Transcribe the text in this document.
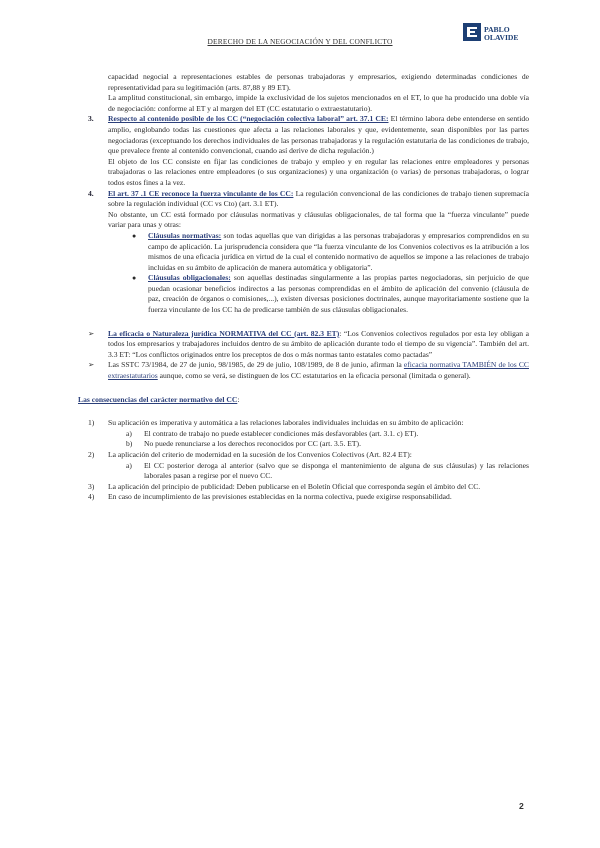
DERECHO DE LA NEGOCIACIÓN Y DEL CONFLICTO
PABLO
OLAVIDE

capacidad negocial a representaciones estables de personas trabajadoras y empresarios, exigiendo determinadas condiciones de representatividad para su legitimación (arts. 87,88 y 89 ET).

La amplitud constitucional, sin embargo, impide la exclusividad de los sujetos mencionados en el ET, lo que ha producido una doble vía de negociación: conforme al ET y al margen del ET (CC estatutario o extraestatutario).

3. Respecto al contenido posible de los CC (“negociación colectiva laboral” art. 37.1 CE: El término labora debe entenderse en sentido amplio, englobando todas las cuestiones que afecta a las relaciones laborales y que, evidentemente, sean disponibles por las partes negociadoras (exceptuando los derechos individuales de las personas trabajadoras y la regulación estatutaria de las condiciones de trabajo, que prevalece frente al contenido convencional, cuando así derive de dicha regulación.)

El objeto de los CC consiste en fijar las condiciones de trabajo y empleo y en regular las relaciones entre empleadores y personas trabajadoras o las relaciones entre empleadores (o sus organizaciones) y una organización (o varias) de personas trabajadoras, o lograr todos estos fines a la vez.

4. El art. 37 .1 CE reconoce la fuerza vinculante de los CC: La regulación convencional de las condiciones de trabajo tienen supremacía sobre la regulación individual (CC vs Cto) (art. 3.1 ET).

No obstante, un CC está formado por cláusulas normativas y cláusulas obligacionales, de tal forma que la “fuerza vinculante” puede variar para unas y otras:

● Cláusulas normativas: son todas aquellas que van dirigidas a las personas trabajadoras y empresarios comprendidos en su campo de aplicación. La jurisprudencia considera que “la fuerza vinculante de los Convenios colectivos es la atribución a los mismos de una eficacia jurídica en virtud de la cual el contenido normativo de aquellos se impone a las relaciones de trabajo incluidas en su ámbito de aplicación de manera automática y obligatoria”.

● Cláusulas obligacionales: son aquellas destinadas singularmente a las propias partes negociadoras, sin perjuicio de que puedan ocasionar beneficios indirectos a las personas comprendidas en el ámbito de aplicación del convenio (cláusula de paz, creación de órganos o comisiones,...), existen diversas posiciones doctrinales, aunque mayoritariamente sostiene que la fuerza vinculante de los CC ha de predicarse también de sus cláusulas obligacionales.

➢ La eficacia o Naturaleza jurídica NORMATIVA del CC (art. 82.3 ET): “Los Convenios colectivos regulados por esta ley obligan a todos los empresarios y trabajadores incluidos dentro de su ámbito de aplicación durante todo el tiempo de su vigencia”. También del art. 3.3 ET: “Los conflictos originados entre los preceptos de dos o más normas tanto estatales como pactadas”

➢ Las SSTC 73/1984, de 27 de junio, 98/1985, de 29 de julio, 108/1989, de 8 de junio, afirman la eficacia normativa TAMBIÉN de los CC extraestatutarios aunque, como se verá, se distinguen de los CC estatutarios en la eficacia personal (limitada o general).

Las consecuencias del carácter normativo del CC:

1) Su aplicación es imperativa y automática a las relaciones laborales individuales incluidas en su ámbito de aplicación:

a) El contrato de trabajo no puede establecer condiciones más desfavorables (art. 3.1. c) ET).

b) No puede renunciarse a los derechos reconocidos por CC (art. 3.5. ET).

2) La aplicación del criterio de modernidad en la sucesión de los Convenios Colectivos (Art. 82.4 ET):

a) El CC posterior deroga al anterior (salvo que se disponga el mantenimiento de alguna de sus cláusulas) y las relaciones laborales pasan a regirse por el nuevo CC.

3) La aplicación del principio de publicidad: Deben publicarse en el Boletín Oficial que corresponda según el ámbito del CC.

4) En caso de incumplimiento de las previsiones establecidas en la norma colectiva, puede exigirse responsabilidad.

2
